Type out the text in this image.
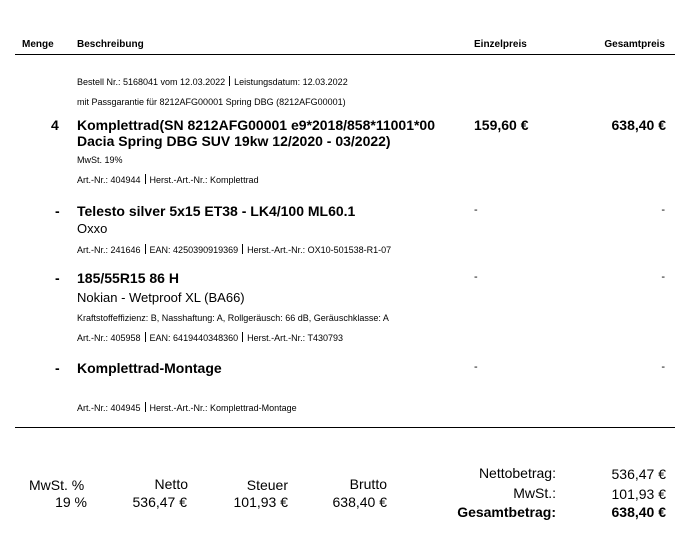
Menge Beschreibung	Einzelpreis	Gesamtpreis
Bestell Nr.: 5168041 vom 12.03.2022 Leistungsdatum: 12.03.2022
mit Passgarantie für 8212AFG00001 Spring DBG (8212AFG00001)
4 Komplettrad(SN 8212AFG00001 e9*2018/858*11001*00
Dacia Spring DBG SUV 19kw 12/2020 - 03/2022)
159,60 €	638,40 €
MwSt. 19%
Art.-Nr.: 404944 Herst.-Art.-Nr.: Komplettrad
- Telesto silver 5x15 ET38 - LK4/100 ML60.1	-	-
Oxxo
Art.-Nr.: 241646 EAN: 4250390919369 Herst.-Art.-Nr.: OX10-501538-R1-07
- 185/55R15 86 H	-	-
Nokian - Wetproof XL (BA66)
Kraftstoffeffizienz: B, Nasshaftung: A, Rollgeräusch: 66 dB, Geräuschklasse: A
Art.-Nr.: 405958 EAN: 6419440348360 Herst.-Art.-Nr.: T430793
- Komplettrad-Montage	-	-
Art.-Nr.: 404945 Herst.-Art.-Nr.: Komplettrad-Montage
MwSt. %	Netto	Steuer	Brutto
19 %	536,47 €	101,93 €	638,40 €
Nettobetrag:	536,47 €
MwSt.:	101,93 €
Gesamtbetrag:	638,40 €
